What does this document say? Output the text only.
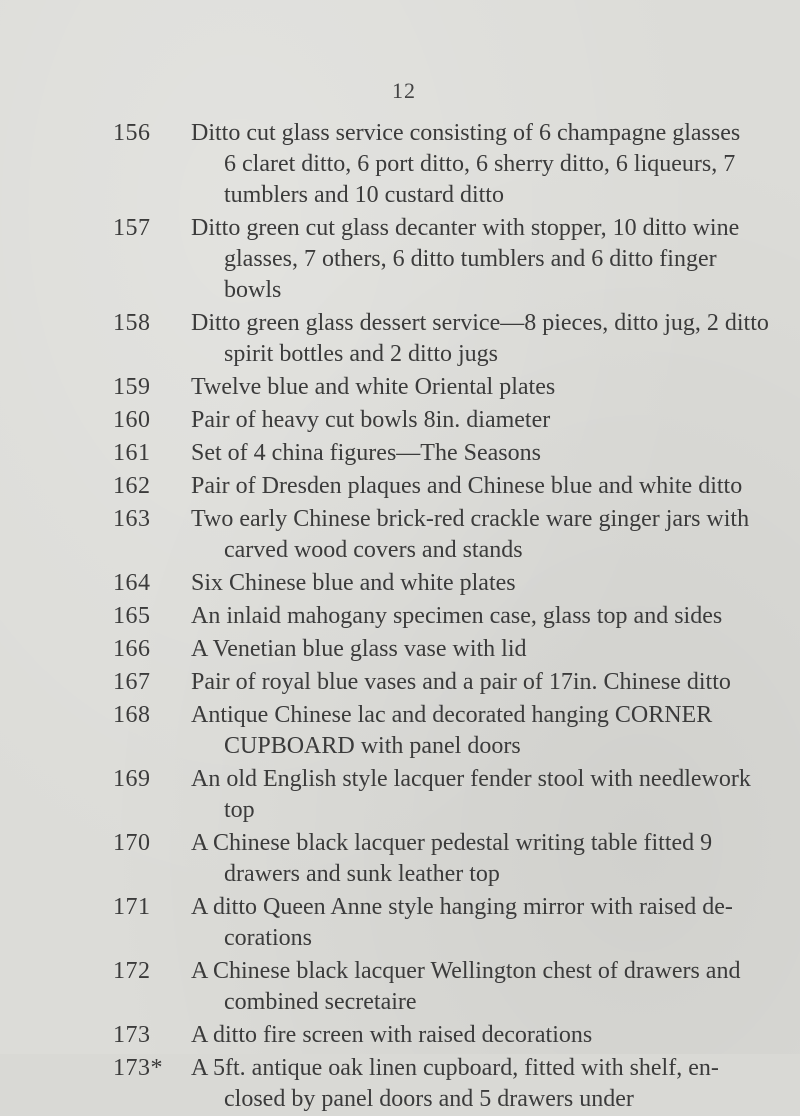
12
156	Ditto cut glass service consisting of 6 champagne glasses
6 claret ditto, 6 port ditto, 6 sherry ditto, 6 liqueurs, 7
tumblers and 10 custard ditto
157	Ditto green cut glass decanter with stopper, 10 ditto wine
glasses, 7 others, 6 ditto tumblers and 6 ditto finger
bowls
158	Ditto green glass dessert service—8 pieces, ditto jug, 2 ditto
spirit bottles and 2 ditto jugs
159	Twelve blue and white Oriental plates
160	Pair of heavy cut bowls 8in. diameter
161	Set of 4 china figures—The Seasons
162	Pair of Dresden plaques and Chinese blue and white ditto
163	Two early Chinese brick-red crackle ware ginger jars with
carved wood covers and stands
164	Six Chinese blue and white plates
165	An inlaid mahogany specimen case, glass top and sides
166	A Venetian blue glass vase with lid
167	Pair of royal blue vases and a pair of 17in. Chinese ditto
168	Antique Chinese lac and decorated hanging CORNER
CUPBOARD with panel doors
169	An old English style lacquer fender stool with needlework
top
170	A Chinese black lacquer pedestal writing table fitted 9
drawers and sunk leather top
171	A ditto Queen Anne style hanging mirror with raised de-
corations
172	A Chinese black lacquer Wellington chest of drawers and
combined secretaire
173	A ditto fire screen with raised decorations
173*	A 5ft. antique oak linen cupboard, fitted with shelf, en-
closed by panel doors and 5 drawers under
